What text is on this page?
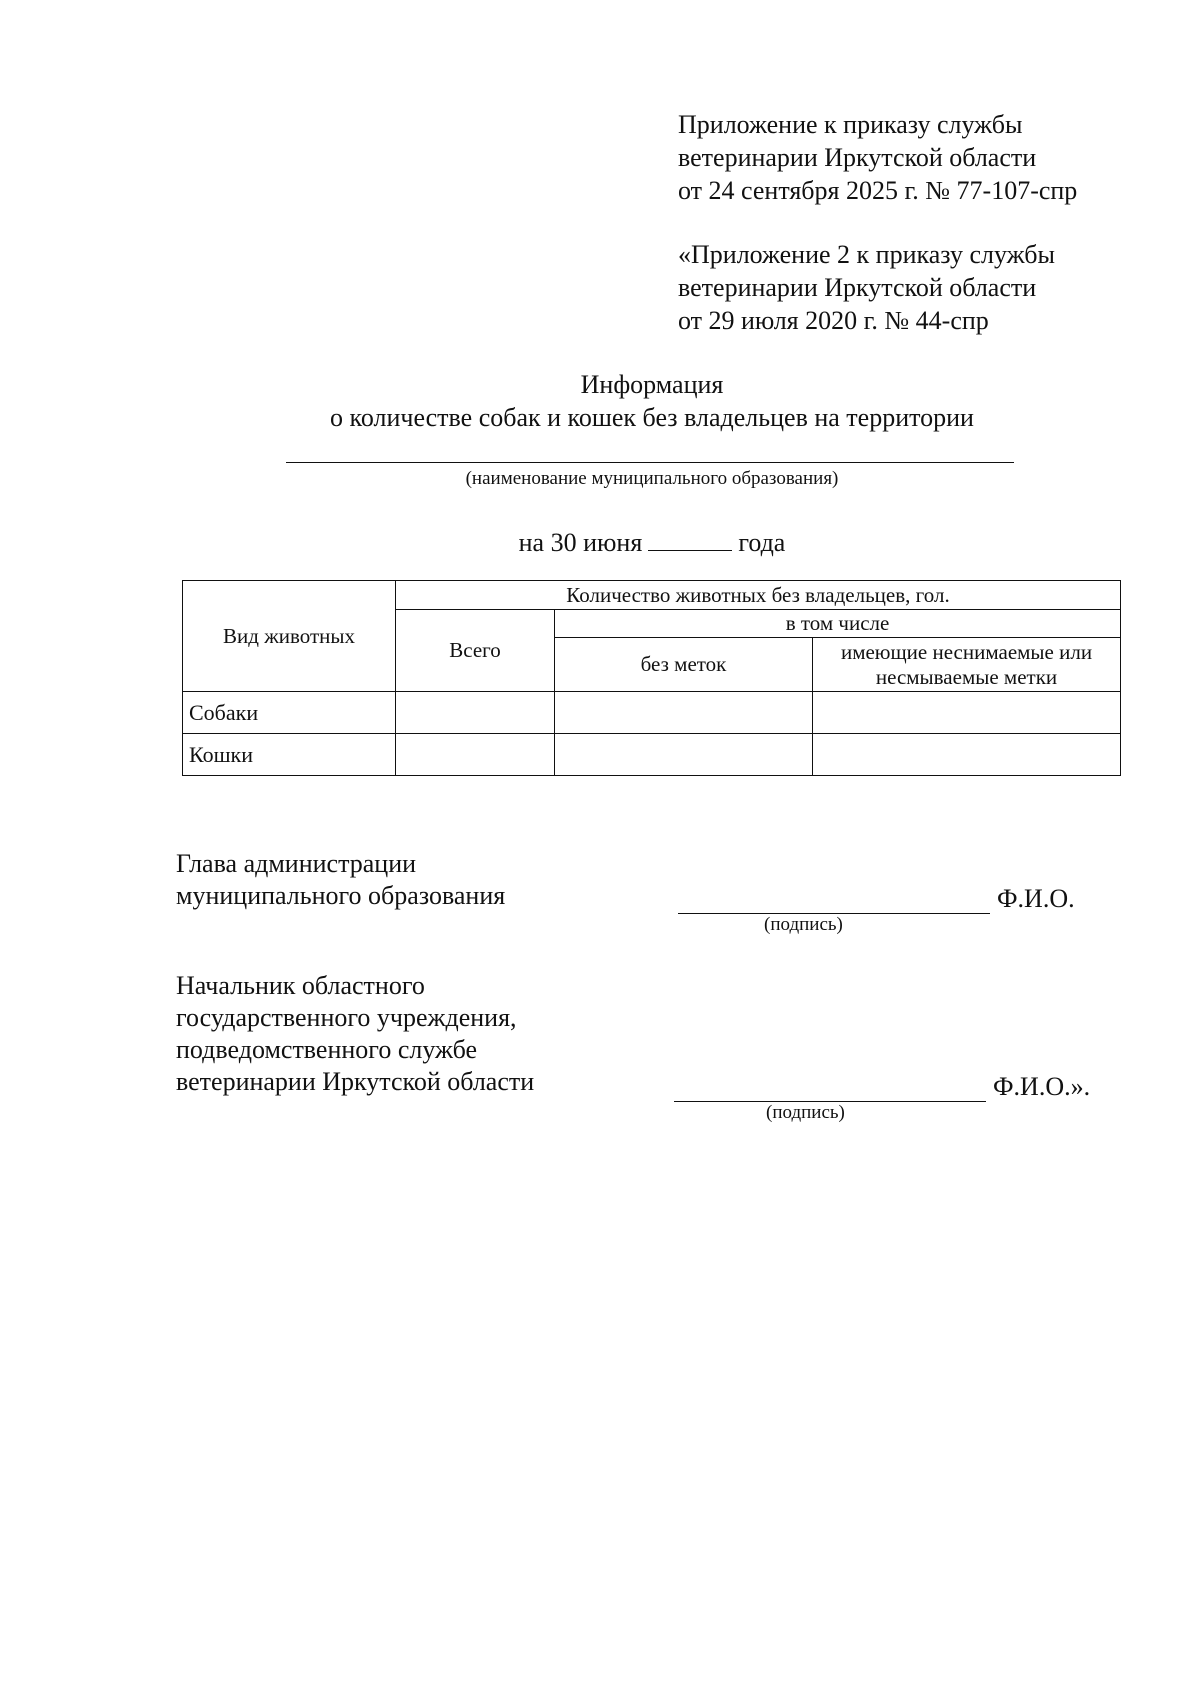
Приложение к приказу службы
ветеринарии Иркутской области
от 24 сентября 2025 г. № 77-107-спр
«Приложение 2 к приказу службы
ветеринарии Иркутской области
от 29 июля 2020 г. № 44-спр
Информация
о количестве собак и кошек без владельцев на территории
(наименование муниципального образования)
на 30 июня	года
Вид животных	Количество животных без владельцев, гол.		
	Всего	в том числе	
		без меток	имеющие неснимаемые или несмываемые метки
Собаки			
Кошки			
Глава администрации
муниципального образования	Ф.И.О.
(подпись)
Начальник областного
государственного учреждения,
подведомственного службе
ветеринарии Иркутской области	Ф.И.О.».
(подпись)
